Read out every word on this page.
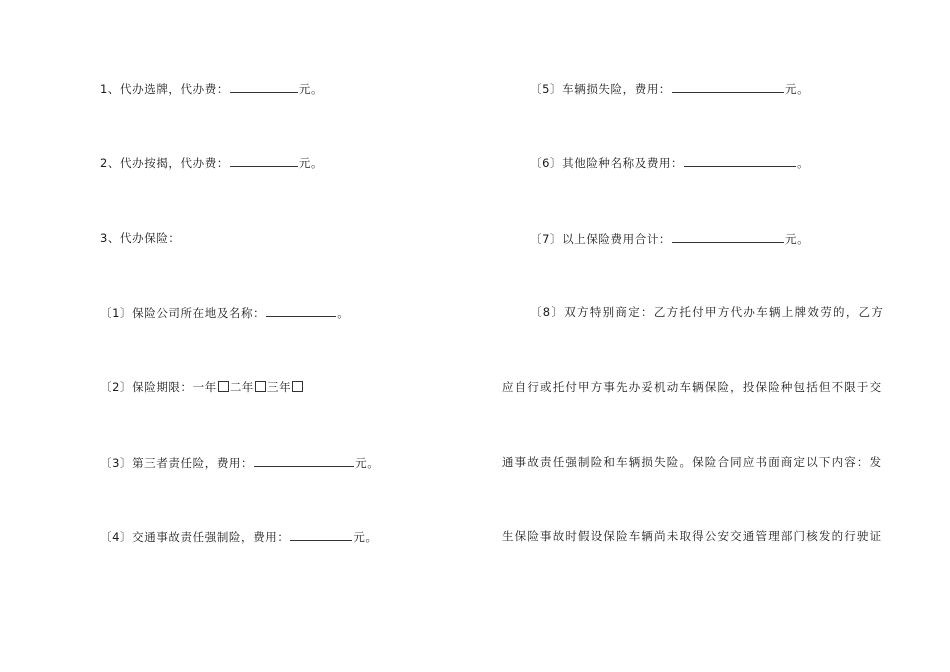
1、代办选牌，代办费：	元。
2、代办按揭，代办费：	元。
3、代办保险：
〔1〕保险公司所在地及名称：	。
〔2〕保险期限：一年 二年 三年
〔3〕第三者责任险，费用：	元。
〔4〕交通事故责任强制险，费用：	元。
〔5〕车辆损失险，费用：	元。
〔6〕其他险种名称及费用：	。
〔7〕以上保险费用合计：	元。
〔8〕双方特别商定：乙方托付甲方代办车辆上牌效劳的，乙方
应自行或托付甲方事先办妥机动车辆保险，投保险种包括但不限于交
通事故责任强制险和车辆损失险。保险合同应书面商定以下内容：发
生保险事故时假设保险车辆尚未取得公安交通管理部门核发的行驶证
